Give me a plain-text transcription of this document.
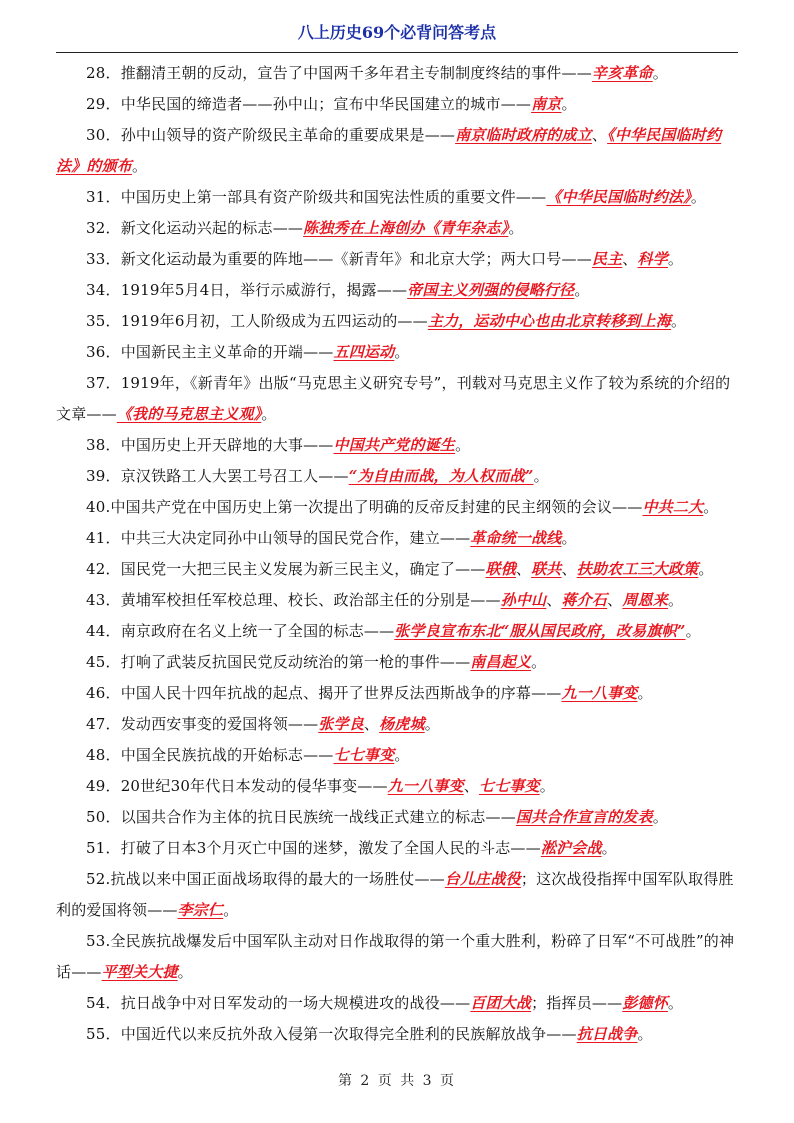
八上历史69个必背问答考点
28．推翻清王朝的反动，宣告了中国两千多年君主专制制度终结的事件——辛亥革命。
29．中华民国的缔造者——孙中山；宣布中华民国建立的城市——南京。
30．孙中山领导的资产阶级民主革命的重要成果是——南京临时政府的成立、《中华民国临时约法》的颁布。
31．中国历史上第一部具有资产阶级共和国宪法性质的重要文件——《中华民国临时约法》。
32．新文化运动兴起的标志——陈独秀在上海创办《青年杂志》。
33．新文化运动最为重要的阵地——《新青年》和北京大学；两大口号——民主、科学。
34．1919年5月4日，举行示威游行，揭露——帝国主义列强的侵略行径。
35．1919年6月初，工人阶级成为五四运动的——主力，运动中心也由北京转移到上海。
36．中国新民主主义革命的开端——五四运动。
37．1919年，《新青年》出版“马克思主义研究专号”，刊载对马克思主义作了较为系统的介绍的文章——《我的马克思主义观》。
38．中国历史上开天辟地的大事——中国共产党的诞生。
39．京汉铁路工人大罢工号召工人——“为自由而战，为人权而战”。
40.中国共产党在中国历史上第一次提出了明确的反帝反封建的民主纲领的会议——中共二大。
41．中共三大决定同孙中山领导的国民党合作，建立——革命统一战线。
42．国民党一大把三民主义发展为新三民主义，确定了——联俄、联共、扶助农工三大政策。
43．黄埔军校担任军校总理、校长、政治部主任的分别是——孙中山、蒋介石、周恩来。
44．南京政府在名义上统一了全国的标志——张学良宣布东北“服从国民政府，改易旗帜”。
45．打响了武装反抗国民党反动统治的第一枪的事件——南昌起义。
46．中国人民十四年抗战的起点、揭开了世界反法西斯战争的序幕——九一八事变。
47．发动西安事变的爱国将领——张学良、杨虎城。
48．中国全民族抗战的开始标志——七七事变。
49．20世纪30年代日本发动的侵华事变——九一八事变、七七事变。
50．以国共合作为主体的抗日民族统一战线正式建立的标志——国共合作宣言的发表。
51．打破了日本3个月灭亡中国的迷梦，激发了全国人民的斗志——淞沪会战。
52.抗战以来中国正面战场取得的最大的一场胜仗——台儿庄战役；这次战役指挥中国军队取得胜利的爱国将领——李宗仁。
53.全民族抗战爆发后中国军队主动对日作战取得的第一个重大胜利，粉碎了日军“不可战胜”的神话——平型关大捷。
54．抗日战争中对日军发动的一场大规模进攻的战役——百团大战；指挥员——彭德怀。
55．中国近代以来反抗外敌入侵第一次取得完全胜利的民族解放战争——抗日战争。
第 2 页 共 3 页
